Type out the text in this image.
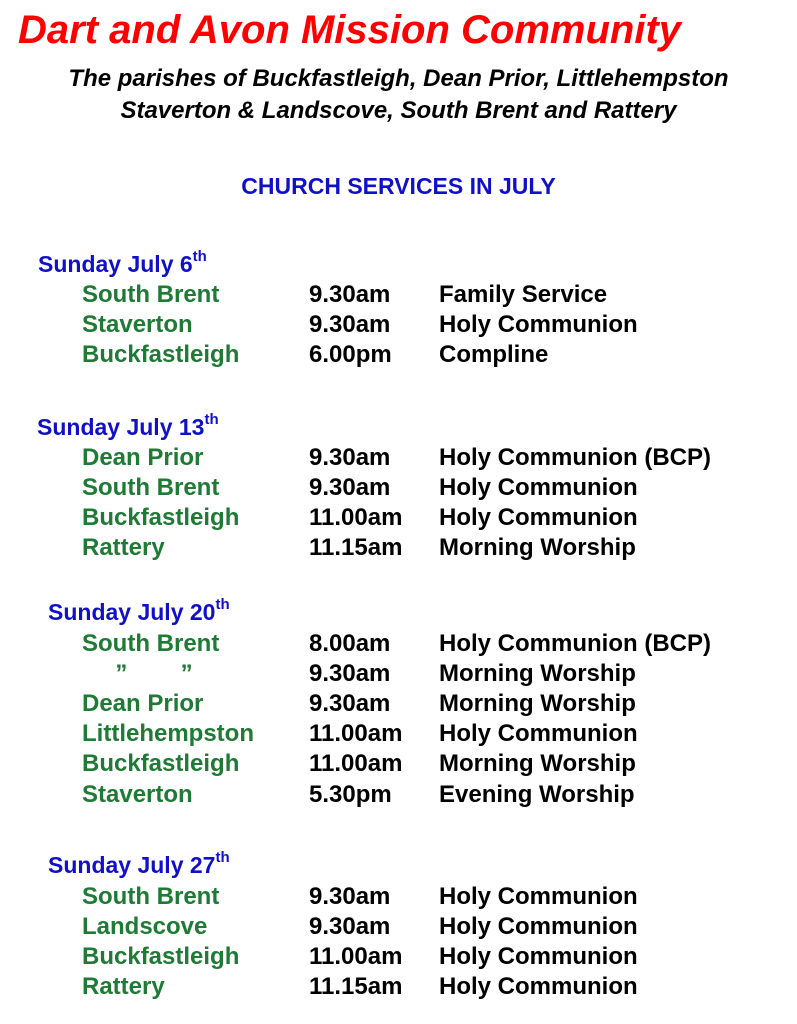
Dart and Avon Mission Community
The parishes of Buckfastleigh, Dean Prior, Littlehempston
Staverton & Landscove, South Brent and Rattery
CHURCH SERVICES IN JULY
Sunday July 6th
South Brent	9.30am Family Service
Staverton	9.30am Holy Communion
Buckfastleigh	6.00pm Compline
Sunday July 13th
Dean Prior	9.30am Holy Communion (BCP)
South Brent	9.30am Holy Communion
Buckfastleigh	11.00am Holy Communion
Rattery	11.15am Morning Worship
Sunday July 20th
South Brent	8.00am Holy Communion (BCP)
”        ”	9.30am Morning Worship
Dean Prior	9.30am Morning Worship
Littlehempston 11.00am Holy Communion
Buckfastleigh	11.00am Morning Worship
Staverton	5.30pm Evening Worship
Sunday July 27th
South Brent	9.30am Holy Communion
Landscove	9.30am Holy Communion
Buckfastleigh	11.00am Holy Communion
Rattery	11.15am Holy Communion
